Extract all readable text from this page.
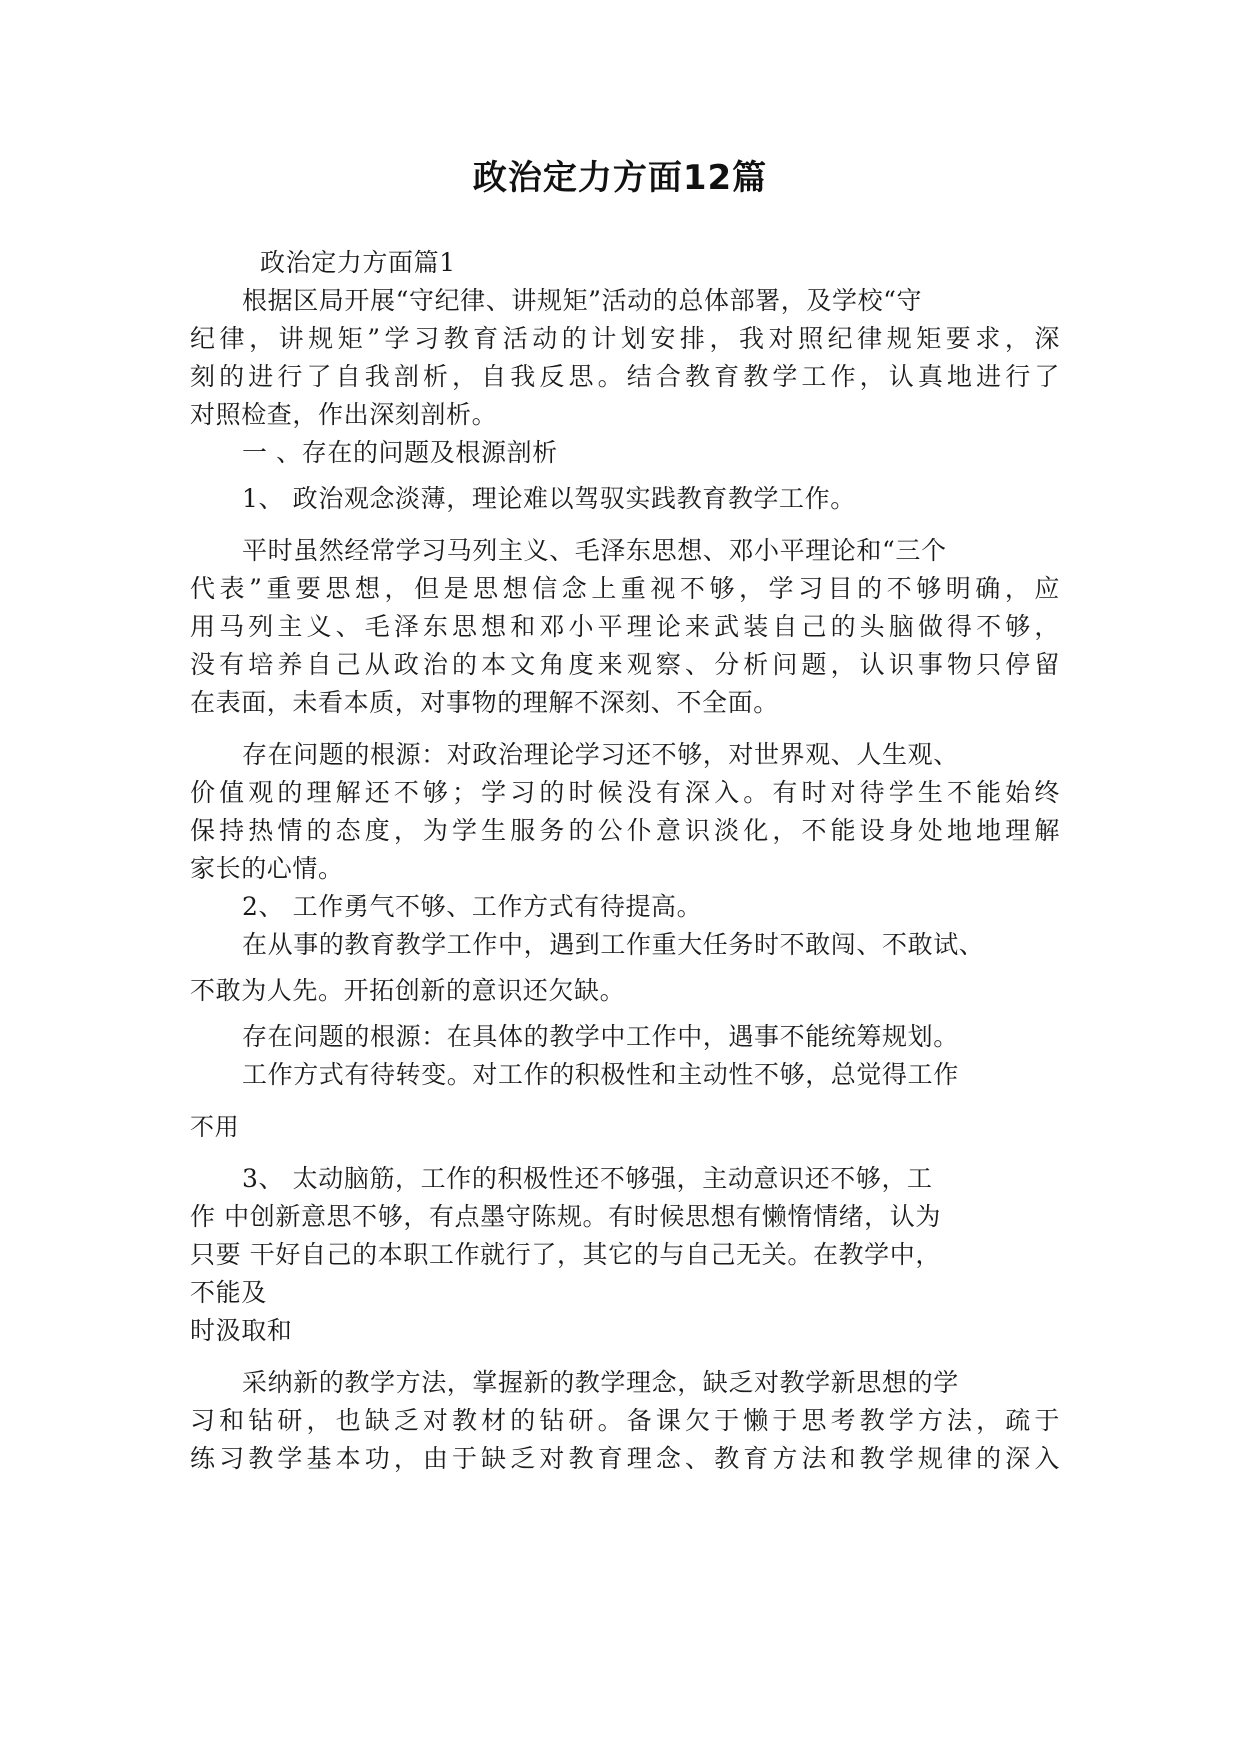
政治定力方面12篇
政治定力方面篇1
根据区局开展“守纪律、讲规矩”活动的总体部署，及学校“守
纪律，讲规矩”学习教育活动的计划安排，我对照纪律规矩要求，深
刻的进行了自我剖析，自我反思。结合教育教学工作，认真地进行了
对照检查，作出深刻剖析。
一 、存在的问题及根源剖析
1、 政治观念淡薄，理论难以驾驭实践教育教学工作。
平时虽然经常学习马列主义、毛泽东思想、邓小平理论和“三个
代表”重要思想，但是思想信念上重视不够，学习目的不够明确，应
用马列主义、毛泽东思想和邓小平理论来武装自己的头脑做得不够，
没有培养自己从政治的本文角度来观察、分析问题，认识事物只停留
在表面，未看本质，对事物的理解不深刻、不全面。
存在问题的根源：对政治理论学习还不够，对世界观、人生观、
价值观的理解还不够；学习的时候没有深入。有时对待学生不能始终
保持热情的态度，为学生服务的公仆意识淡化，不能设身处地地理解
家长的心情。
2、 工作勇气不够、工作方式有待提高。
在从事的教育教学工作中，遇到工作重大任务时不敢闯、不敢试、
不敢为人先。开拓创新的意识还欠缺。
存在问题的根源：在具体的教学中工作中，遇事不能统筹规划。
工作方式有待转变。对工作的积极性和主动性不够，总觉得工作
不用
3、 太动脑筋，工作的积极性还不够强，主动意识还不够，工
作 中创新意思不够，有点墨守陈规。有时候思想有懒惰情绪，认为
只要 干好自己的本职工作就行了，其它的与自己无关。在教学中，
不能及
时汲取和
采纳新的教学方法，掌握新的教学理念，缺乏对教学新思想的学
习和钻研，也缺乏对教材的钻研。备课欠于懒于思考教学方法，疏于
练习教学基本功，由于缺乏对教育理念、教育方法和教学规律的深入
